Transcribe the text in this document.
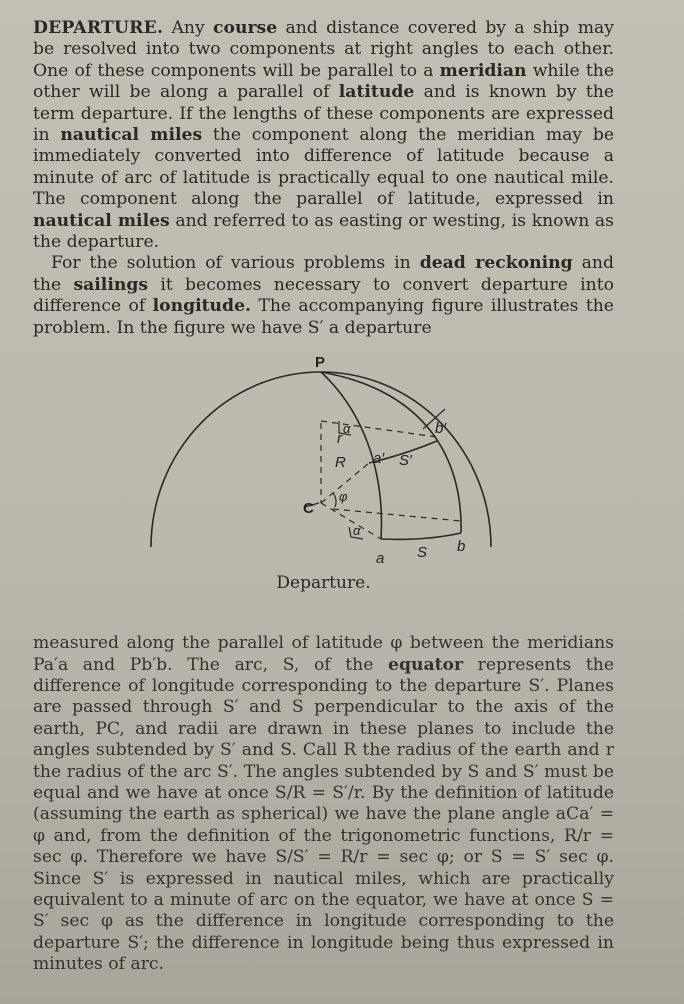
DEPARTURE. Any course and distance covered by a ship may be resolved into two components at right angles to each other. One of these components will be parallel to a meridian while the other will be along a parallel of latitude and is known by the term departure. If the lengths of these components are expressed in nautical miles the component along the meridian may be immediately converted into difference of latitude because a minute of arc of latitude is practically equal to one nautical mile. The component along the parallel of latitude, expressed in nautical miles and referred to as easting or westing, is known as the departure.

For the solution of various problems in dead reckoning and the sailings it becomes necessary to convert departure into difference of longitude. The accompanying figure illustrates the problem. In the figure we have S′ a departure

P
C
a
b
S
S′
a′
b′
R
r
α
α
φ
Departure.

measured along the parallel of latitude φ between the meridians Pa′a and Pb′b. The arc, S, of the equator represents the difference of longitude corresponding to the departure S′. Planes are passed through S′ and S perpendicular to the axis of the earth, PC, and radii are drawn in these planes to include the angles subtended by S′ and S. Call R the radius of the earth and r the radius of the arc S′. The angles subtended by S and S′ must be equal and we have at once S/R = S′/r. By the definition of latitude (assuming the earth as spherical) we have the plane angle aCa′ = φ and, from the definition of the trigonometric functions, R/r = sec φ. Therefore we have S/S′ = R/r = sec φ; or S = S′ sec φ. Since S′ is expressed in nautical miles, which are practically equivalent to a minute of arc on the equator, we have at once S = S′ sec φ as the difference in longitude corresponding to the departure S′; the difference in longitude being thus expressed in minutes of arc.
